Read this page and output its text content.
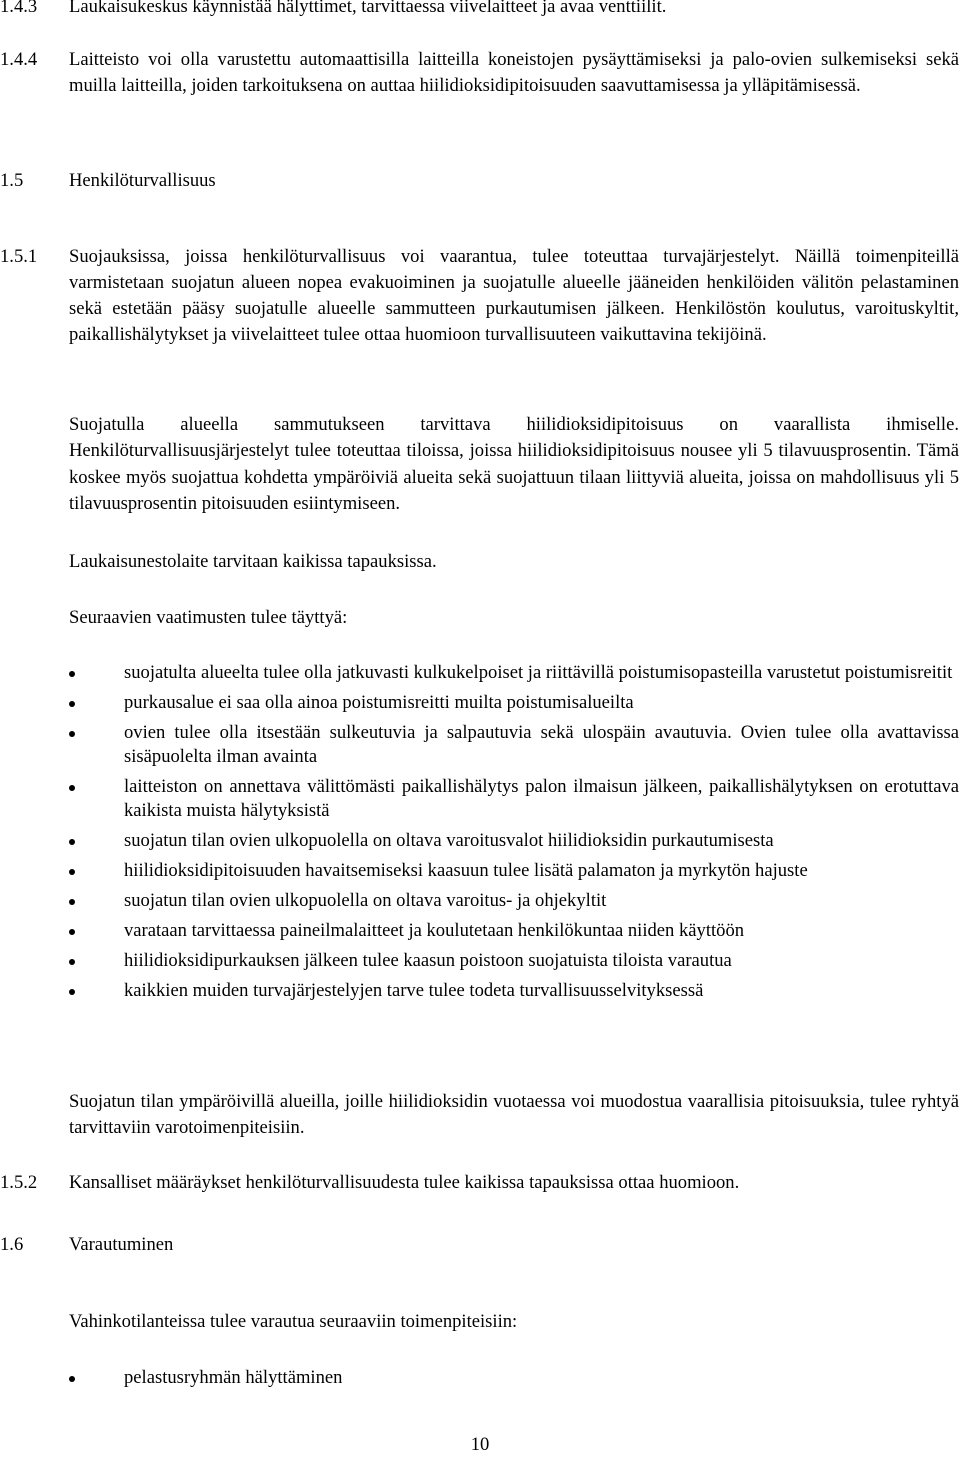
1.4.3 Laukaisukeskus käynnistää hälyttimet, tarvittaessa viivelaitteet ja avaa venttiilit.
1.4.4 Laitteisto voi olla varustettu automaattisilla laitteilla koneistojen pysäyttämiseksi ja palo-ovien sulkemiseksi sekä muilla laitteilla, joiden tarkoituksena on auttaa hiilidioksidipitoisuuden saavuttamisessa ja ylläpitämisessä.
1.5 Henkilöturvallisuus
1.5.1 Suojauksissa, joissa henkilöturvallisuus voi vaarantua, tulee toteuttaa turvajärjestelyt. Näillä toimenpiteillä varmistetaan suojatun alueen nopea evakuoiminen ja suojatulle alueelle jääneiden henkilöiden välitön pelastaminen sekä estetään pääsy suojatulle alueelle sammutteen purkautumisen jälkeen. Henkilöstön koulutus, varoituskyltit, paikallishälytykset ja viivelaitteet tulee ottaa huomioon turvallisuuteen vaikuttavina tekijöinä.
Suojatulla alueella sammutukseen tarvittava hiilidioksidipitoisuus on vaarallista ihmiselle. Henkilöturvallisuusjärjestelyt tulee toteuttaa tiloissa, joissa hiilidioksidipitoisuus nousee yli 5 tilavuusprosentin. Tämä koskee myös suojattua kohdetta ympäröiviä alueita sekä suojattuun tilaan liittyviä alueita, joissa on mahdollisuus yli 5 tilavuusprosentin pitoisuuden esiintymiseen.
Laukaisunestolaite tarvitaan kaikissa tapauksissa.
Seuraavien vaatimusten tulee täyttyä:
suojatulta alueelta tulee olla jatkuvasti kulkukelpoiset ja riittävillä poistumisopasteilla varustetut poistumisreitit
purkausalue ei saa olla ainoa poistumisreitti muilta poistumisalueilta
ovien tulee olla itsestään sulkeutuvia ja salpautuvia sekä ulospäin avautuvia. Ovien tulee olla avattavissa sisäpuolelta ilman avainta
laitteiston on annettava välittömästi paikallishälytys palon ilmaisun jälkeen, paikallishälytyksen on erotuttava kaikista muista hälytyksistä
suojatun tilan ovien ulkopuolella on oltava varoitusvalot hiilidioksidin purkautumisesta
hiilidioksidipitoisuuden havaitsemiseksi kaasuun tulee lisätä palamaton ja myrkytön hajuste
suojatun tilan ovien ulkopuolella on oltava varoitus- ja ohjekyltit
varataan tarvittaessa paineilmalaitteet ja koulutetaan henkilökuntaa niiden käyttöön
hiilidioksidipurkauksen jälkeen tulee kaasun poistoon suojatuista tiloista varautua
kaikkien muiden turvajärjestelyjen tarve tulee todeta turvallisuusselvityksessä
Suojatun tilan ympäröivillä alueilla, joille hiilidioksidin vuotaessa voi muodostua vaarallisia pitoisuuksia, tulee ryhtyä tarvittaviin varotoimenpiteisiin.
1.5.2 Kansalliset määräykset henkilöturvallisuudesta tulee kaikissa tapauksissa ottaa huomioon.
1.6 Varautuminen
Vahinkotilanteissa tulee varautua seuraaviin toimenpiteisiin:
pelastusryhmän hälyttäminen
10
